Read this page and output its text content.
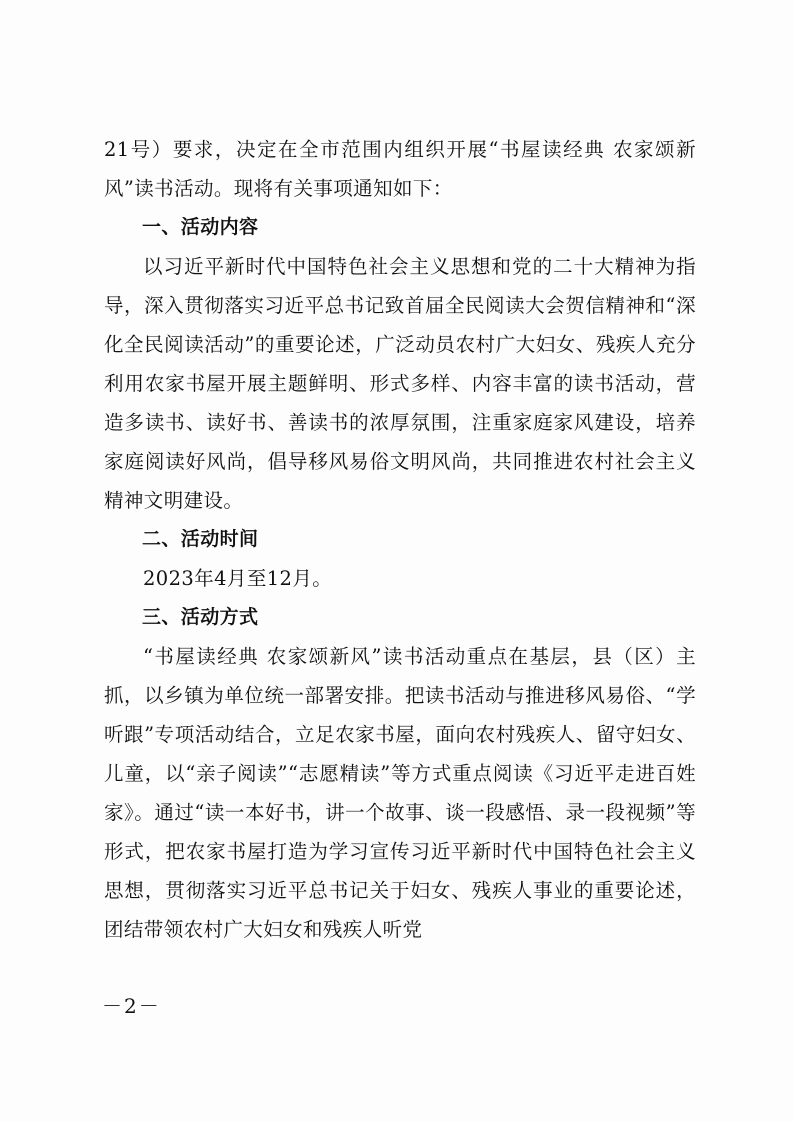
21号）要求，决定在全市范围内组织开展“书屋读经典 农家颂新风”读书活动。现将有关事项通知如下：

一、活动内容

以习近平新时代中国特色社会主义思想和党的二十大精神为指导，深入贯彻落实习近平总书记致首届全民阅读大会贺信精神和“深化全民阅读活动”的重要论述，广泛动员农村广大妇女、残疾人充分利用农家书屋开展主题鲜明、形式多样、内容丰富的读书活动，营造多读书、读好书、善读书的浓厚氛围，注重家庭家风建设，培养家庭阅读好风尚，倡导移风易俗文明风尚，共同推进农村社会主义精神文明建设。

二、活动时间

2023年4月至12月。

三、活动方式

“书屋读经典 农家颂新风”读书活动重点在基层，县（区）主抓，以乡镇为单位统一部署安排。把读书活动与推进移风易俗、“学听跟”专项活动结合，立足农家书屋，面向农村残疾人、留守妇女、儿童，以“亲子阅读”“志愿精读”等方式重点阅读《习近平走进百姓家》。通过“读一本好书，讲一个故事、谈一段感悟、录一段视频”等形式，把农家书屋打造为学习宣传习近平新时代中国特色社会主义思想，贯彻落实习近平总书记关于妇女、残疾人事业的重要论述，团结带领农村广大妇女和残疾人听党

－2－
